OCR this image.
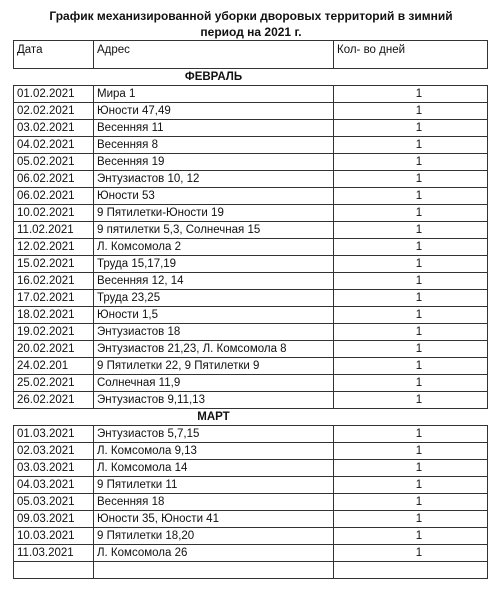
График механизированной уборки дворовых территорий в зимний
период на 2021 г.
Дата	Адрес	Кол- во дней
	ФЕВРАЛЬ	
01.02.2021	Мира 1	1
02.02.2021	Юности 47,49	1
03.02.2021	Весенняя 11	1
04.02.2021	Весенняя 8	1
05.02.2021	Весенняя 19	1
06.02.2021	Энтузиастов 10, 12	1
06.02.2021	Юности 53	1
10.02.2021	9 Пятилетки-Юности 19	1
11.02.2021	9 пятилетки 5,3, Солнечная 15	1
12.02.2021	Л. Комсомола 2	1
15.02.2021	Труда 15,17,19	1
16.02.2021	Весенняя 12, 14	1
17.02.2021	Труда 23,25	1
18.02.2021	Юности 1,5	1
19.02.2021	Энтузиастов 18	1
20.02.2021	Энтузиастов 21,23, Л. Комсомола 8	1
24.02.201	9 Пятилетки 22, 9 Пятилетки 9	1
25.02.2021	Солнечная 11,9	1
26.02.2021	Энтузиастов 9,11,13	1
	МАРТ	
01.03.2021	Энтузиастов 5,7,15	1
02.03.2021	Л. Комсомола 9,13	1
03.03.2021	Л. Комсомола 14	1
04.03.2021	9 Пятилетки 11	1
05.03.2021	Весенняя 18	1
09.03.2021	Юности 35, Юности 41	1
10.03.2021	9 Пятилетки 18,20	1
11.03.2021	Л. Комсомола 26	1
